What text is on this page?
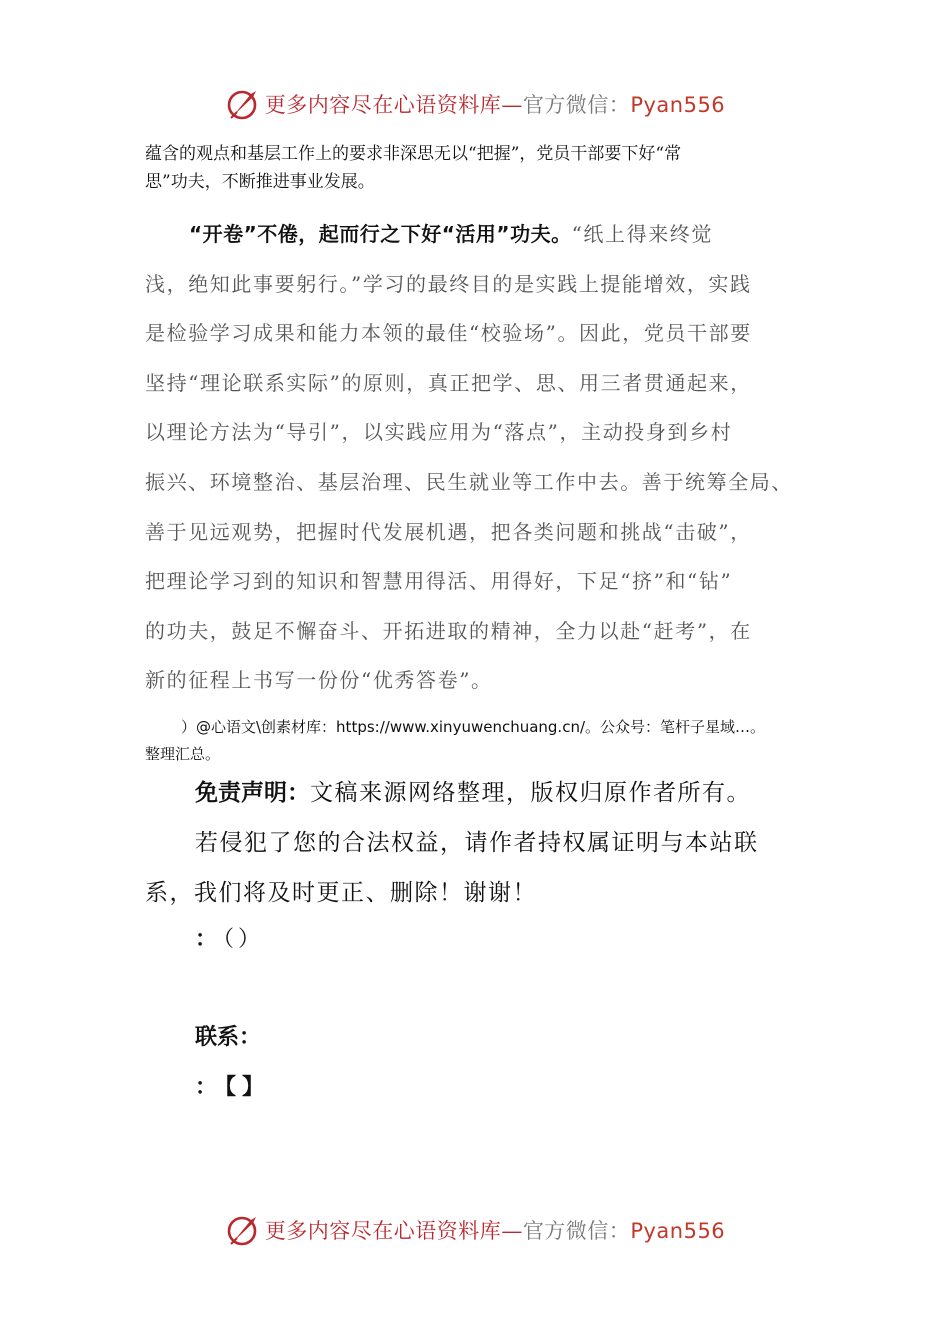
更多内容尽在心语资料库—官方微信：Pyan556
蕴含的观点和基层工作上的要求非深思无以“把握”，党员干部要下好“常
思”功夫，不断推进事业发展。
“开卷”不倦，起而行之下好“活用”功夫。“纸上得来终觉
浅，绝知此事要躬行。”学习的最终目的是实践上提能增效，实践
是检验学习成果和能力本领的最佳“校验场”。因此，党员干部要
坚持“理论联系实际”的原则，真正把学、思、用三者贯通起来，
以理论方法为“导引”，以实践应用为“落点”，主动投身到乡村
振兴、环境整治、基层治理、民生就业等工作中去。善于统筹全局、
善于见远观势，把握时代发展机遇，把各类问题和挑战“击破”，
把理论学习到的知识和智慧用得活、用得好，下足“挤”和“钻”
的功夫，鼓足不懈奋斗、开拓进取的精神，全力以赴“赶考”，在
新的征程上书写一份份“优秀答卷”。
）@心语文\创素材库：https://www.xinyuwenchuang.cn/。公众号：笔杆子星域…。
整理汇总。
免责声明：文稿来源网络整理，版权归原作者所有。
若侵犯了您的合法权益，请作者持权属证明与本站联
系，我们将及时更正、删除！谢谢！
： （）
联系：
： 【】
更多内容尽在心语资料库—官方微信：Pyan556
